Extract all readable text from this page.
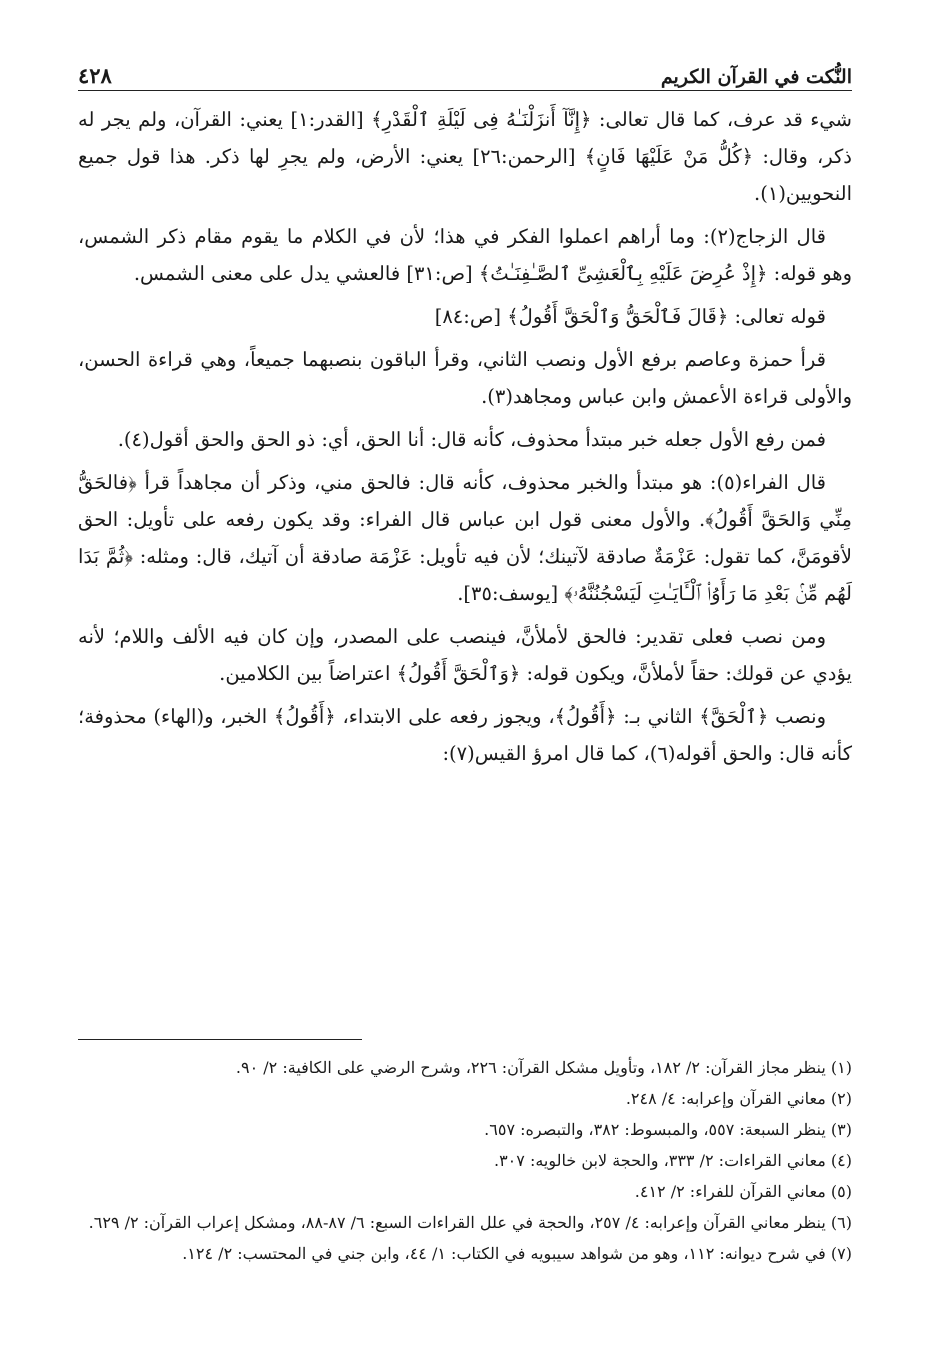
النُّكت في القرآن الكريم
٤٢٨

شيء قد عرف، كما قال تعالى: ﴿إِنَّآ أَنزَلْنَـٰهُ فِى لَيْلَةِ ٱلْقَدْرِ﴾ [القدر:١] يعني: القرآن، ولم يجر له ذكر، وقال: ﴿كُلُّ مَنْ عَلَيْهَا فَانٍ﴾ [الرحمن:٢٦] يعني: الأرض، ولم يجرِ لها ذكر. هذا قول جميع النحويين(١).

قال الزجاج(٢): وما أراهم اعملوا الفكر في هذا؛ لأن في الكلام ما يقوم مقام ذكر الشمس، وهو قوله: ﴿إِذْ عُرِضَ عَلَيْهِ بِٱلْعَشِىِّ ٱلصَّـٰفِنَـٰتُ﴾ [ص:٣١] فالعشي يدل على معنى الشمس.

قوله تعالى: ﴿قَالَ فَٱلْحَقُّ وَٱلْحَقَّ أَقُولُ﴾ [ص:٨٤]

قرأ حمزة وعاصم برفع الأول ونصب الثاني، وقرأ الباقون بنصبهما جميعاً، وهي قراءة الحسن، والأولى قراءة الأعمش وابن عباس ومجاهد(٣).

فمن رفع الأول جعله خبر مبتدأ محذوف، كأنه قال: أنا الحق، أي: ذو الحق والحق أقول(٤).

قال الفراء(٥): هو مبتدأ والخبر محذوف، كأنه قال: فالحق مني، وذكر أن مجاهداً قرأ ﴿فالحَقُّ مِنِّي وَالحَقَّ أَقُولُ﴾. والأول معنى قول ابن عباس قال الفراء: وقد يكون رفعه على تأويل: الحق لأقومَنَّ، كما تقول: عَزْمَةٌ صادقة لآتينك؛ لأن فيه تأويل: عَزْمَة صادقة أن آتيك، قال: ومثله: ﴿ثُمَّ بَدَا لَهُم مِّنۢ بَعْدِ مَا رَأَوُا۟ ٱلْـَٔايَـٰتِ لَيَسْجُنُنَّهُۥ﴾ [يوسف:٣٥].

ومن نصب فعلى تقدير: فالحق لأملأنَّ، فينصب على المصدر، وإن كان فيه الألف واللام؛ لأنه يؤدي عن قولك: حقاً لأملأنَّ، ويكون قوله: ﴿وَٱلْحَقَّ أَقُولُ﴾ اعتراضاً بين الكلامين.

ونصب ﴿ٱلْحَقَّ﴾ الثاني بـ: ﴿أَقُولُ﴾، ويجوز رفعه على الابتداء، ﴿أَقُولُ﴾ الخبر، و(الهاء) محذوفة؛ كأنه قال: والحق أقوله(٦)، كما قال امرؤ القيس(٧):

(١) ينظر مجاز القرآن: ٢/ ١٨٢، وتأويل مشكل القرآن: ٢٢٦، وشرح الرضي على الكافية: ٢/ ٩٠.

(٢) معاني القرآن وإعرابه: ٤/ ٢٤٨.

(٣) ينظر السبعة: ٥٥٧، والمبسوط: ٣٨٢، والتبصره: ٦٥٧.

(٤) معاني القراءات: ٢/ ٣٣٣، والحجة لابن خالويه: ٣٠٧.

(٥) معاني القرآن للفراء: ٢/ ٤١٢.

(٦) ينظر معاني القرآن وإعرابه: ٤/ ٢٥٧، والحجة في علل القراءات السبع: ٦/ ٨٧-٨٨، ومشكل إعراب القرآن: ٢/ ٦٢٩.

(٧) في شرح ديوانه: ١١٢، وهو من شواهد سيبويه في الكتاب: ١/ ٤٤، وابن جني في المحتسب: ٢/ ١٢٤.
